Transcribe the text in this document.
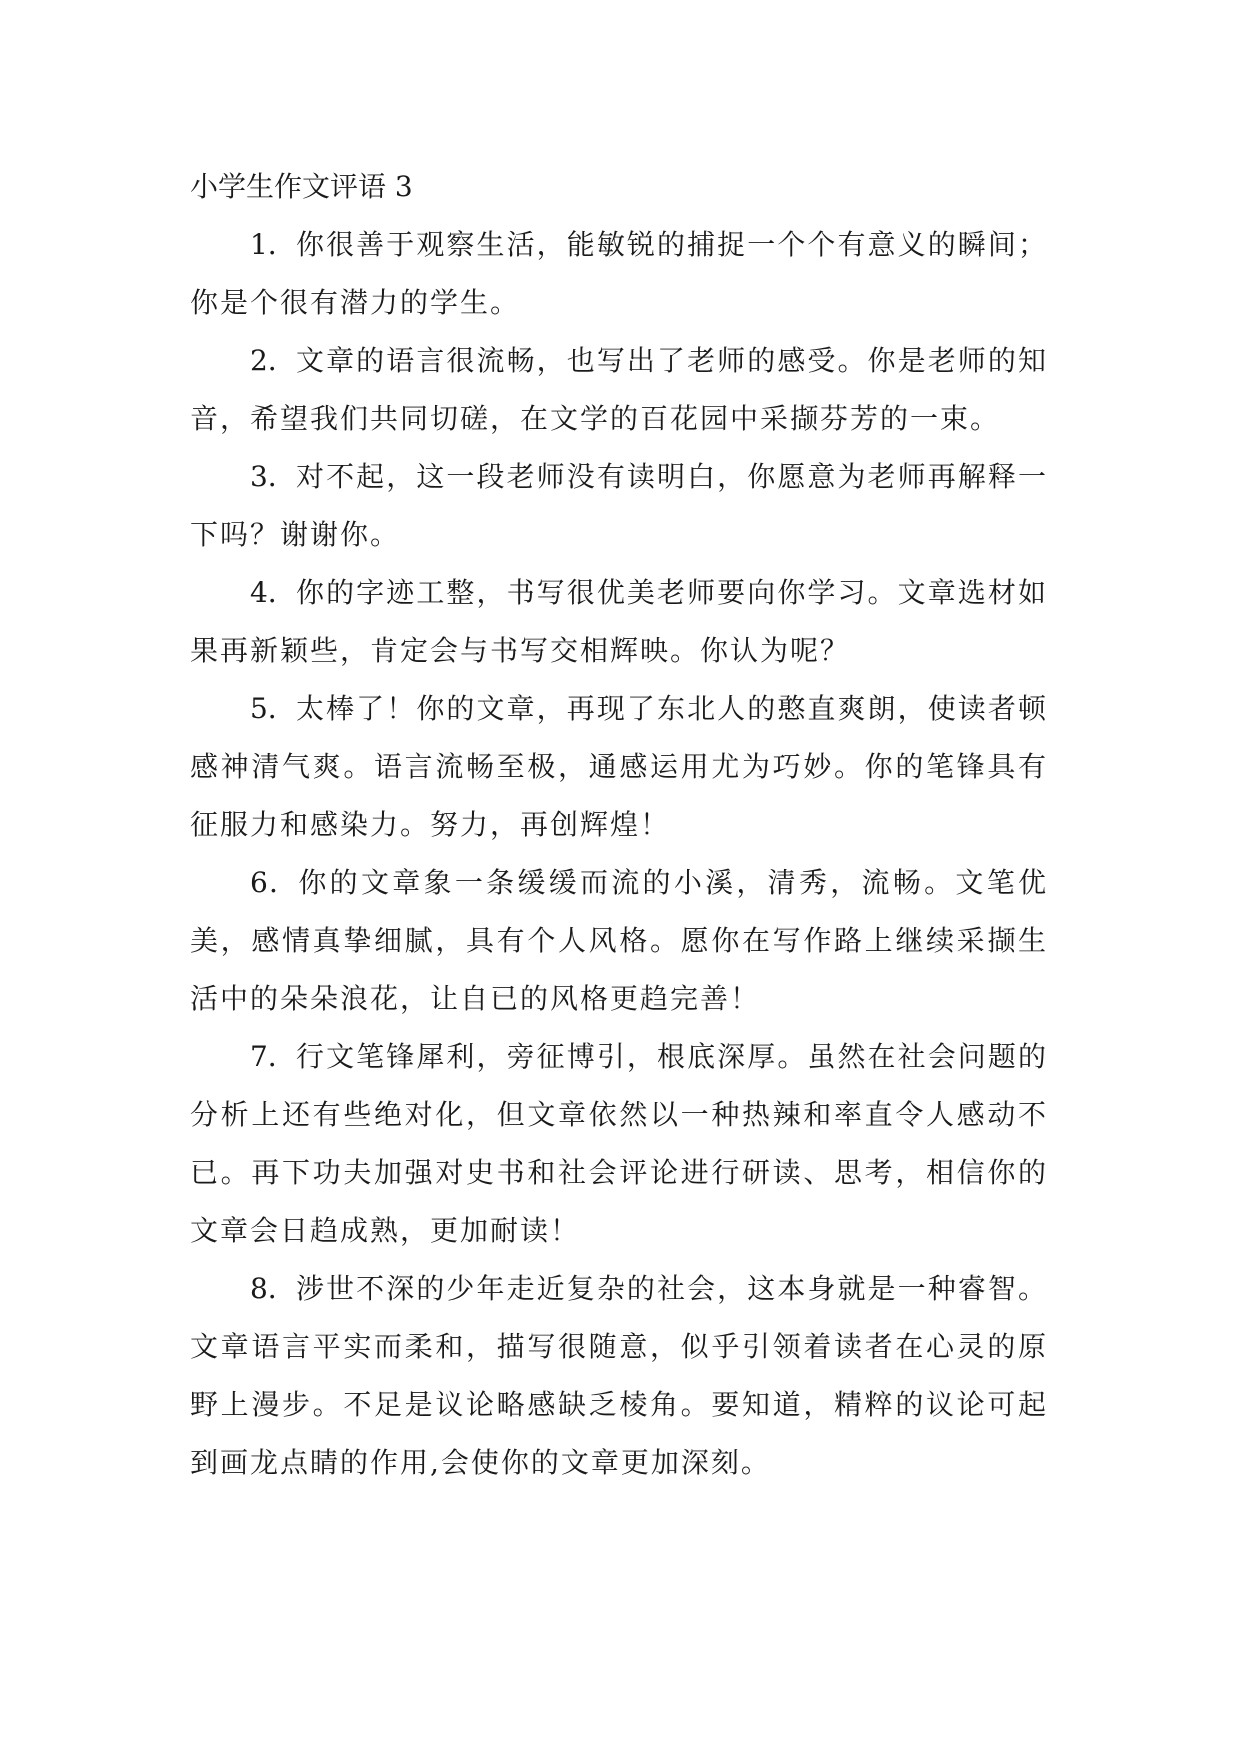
小学生作文评语 3

1．你很善于观察生活，能敏锐的捕捉一个个有意义的瞬间；你是个很有潜力的学生。

2．文章的语言很流畅，也写出了老师的感受。你是老师的知音，希望我们共同切磋，在文学的百花园中采撷芬芳的一束。

3．对不起，这一段老师没有读明白，你愿意为老师再解释一下吗？谢谢你。

4．你的字迹工整，书写很优美老师要向你学习。文章选材如果再新颖些，肯定会与书写交相辉映。你认为呢？

5．太棒了！你的文章，再现了东北人的憨直爽朗，使读者顿感神清气爽。语言流畅至极，通感运用尤为巧妙。你的笔锋具有征服力和感染力。努力，再创辉煌！

6．你的文章象一条缓缓而流的小溪，清秀，流畅。文笔优美，感情真挚细腻，具有个人风格。愿你在写作路上继续采撷生活中的朵朵浪花，让自已的风格更趋完善！

7．行文笔锋犀利，旁征博引，根底深厚。虽然在社会问题的分析上还有些绝对化，但文章依然以一种热辣和率直令人感动不已。再下功夫加强对史书和社会评论进行研读、思考，相信你的文章会日趋成熟，更加耐读！

8．涉世不深的少年走近复杂的社会，这本身就是一种睿智。文章语言平实而柔和，描写很随意，似乎引领着读者在心灵的原野上漫步。不足是议论略感缺乏棱角。要知道，精粹的议论可起到画龙点睛的作用,会使你的文章更加深刻。
